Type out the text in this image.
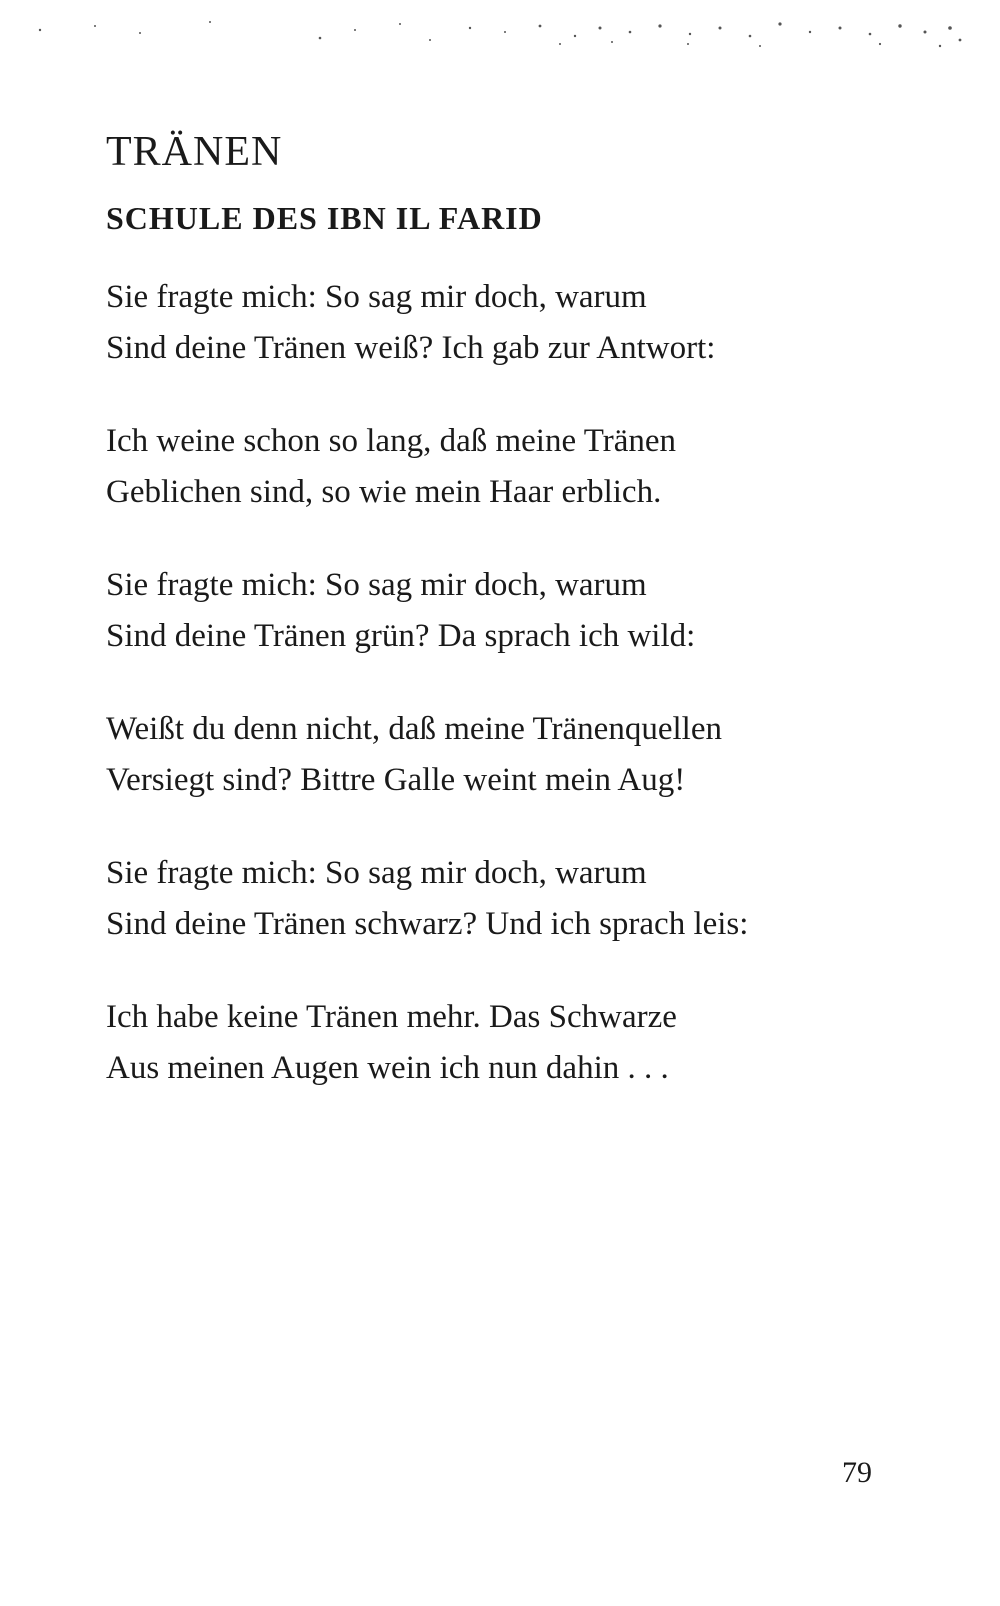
TRÄNEN
SCHULE DES IBN IL FARID

Sie fragte mich: So sag mir doch, warum
Sind deine Tränen weiß? Ich gab zur Antwort:

Ich weine schon so lang, daß meine Tränen
Geblichen sind, so wie mein Haar erblich.

Sie fragte mich: So sag mir doch, warum
Sind deine Tränen grün? Da sprach ich wild:

Weißt du denn nicht, daß meine Tränenquellen
Versiegt sind? Bittre Galle weint mein Aug!

Sie fragte mich: So sag mir doch, warum
Sind deine Tränen schwarz? Und ich sprach leis:

Ich habe keine Tränen mehr. Das Schwarze
Aus meinen Augen wein ich nun dahin . . .

79
